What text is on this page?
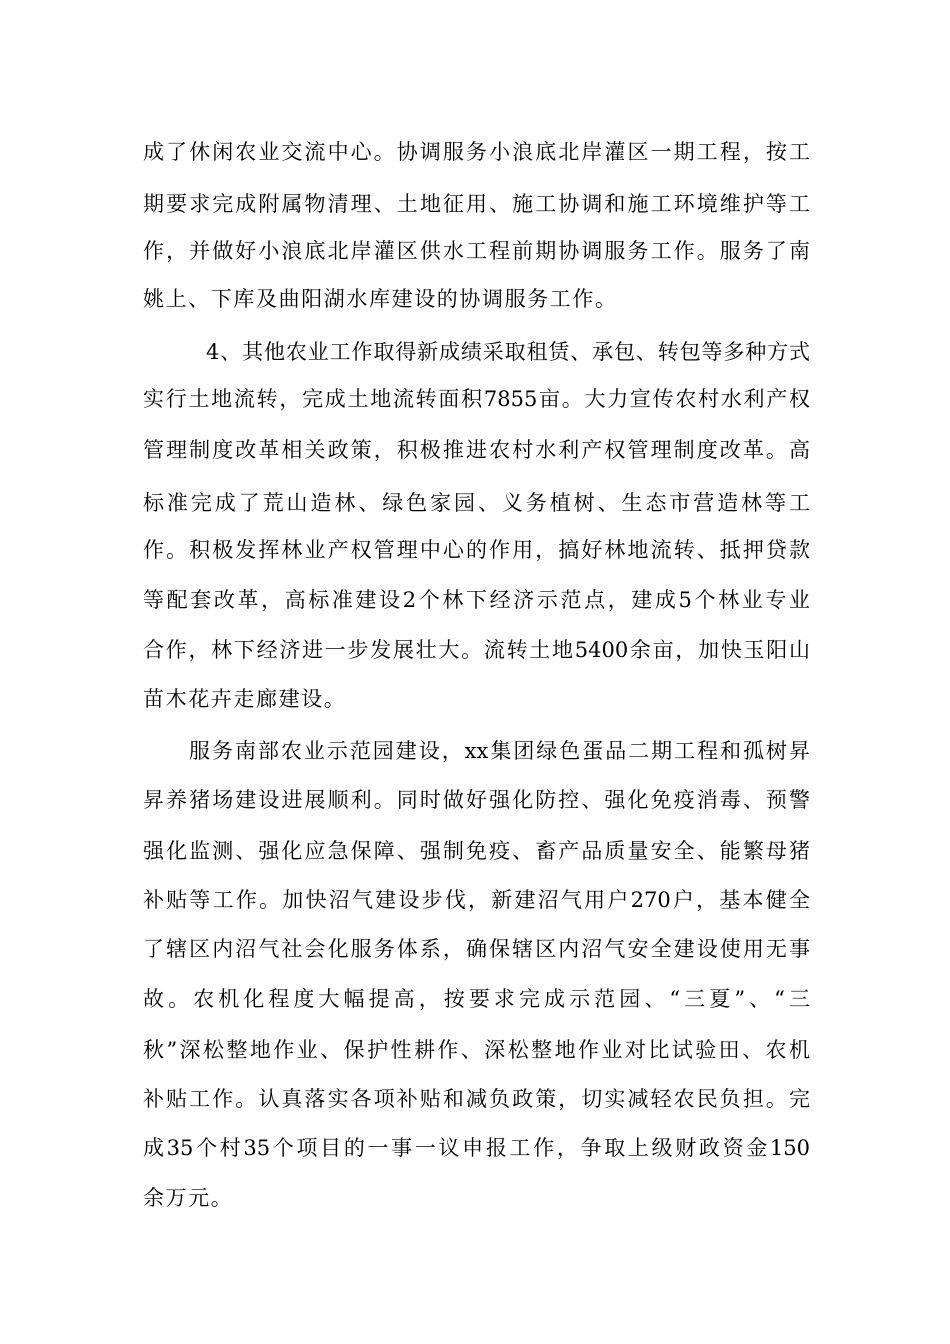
成了休闲农业交流中心。协调服务小浪底北岸灌区一期工程，按工
期要求完成附属物清理、土地征用、施工协调和施工环境维护等工
作，并做好小浪底北岸灌区供水工程前期协调服务工作。服务了南
姚上、下库及曲阳湖水库建设的协调服务工作。
4、其他农业工作取得新成绩采取租赁、承包、转包等多种方式
实行土地流转，完成土地流转面积7855亩。大力宣传农村水利产权
管理制度改革相关政策，积极推进农村水利产权管理制度改革。高
标准完成了荒山造林、绿色家园、义务植树、生态市营造林等工
作。积极发挥林业产权管理中心的作用，搞好林地流转、抵押贷款
等配套改革，高标准建设2个林下经济示范点，建成5个林业专业
合作，林下经济进一步发展壮大。流转土地5400余亩，加快玉阳山
苗木花卉走廊建设。
服务南部农业示范园建设，xx集团绿色蛋品二期工程和孤树昇
昇养猪场建设进展顺利。同时做好强化防控、强化免疫消毒、预警
强化监测、强化应急保障、强制免疫、畜产品质量安全、能繁母猪
补贴等工作。加快沼气建设步伐，新建沼气用户270户，基本健全
了辖区内沼气社会化服务体系，确保辖区内沼气安全建设使用无事
故。农机化程度大幅提高，按要求完成示范园、“三夏”、“三
秋”深松整地作业、保护性耕作、深松整地作业对比试验田、农机
补贴工作。认真落实各项补贴和减负政策，切实减轻农民负担。完
成35个村35个项目的一事一议申报工作，争取上级财政资金150
余万元。
